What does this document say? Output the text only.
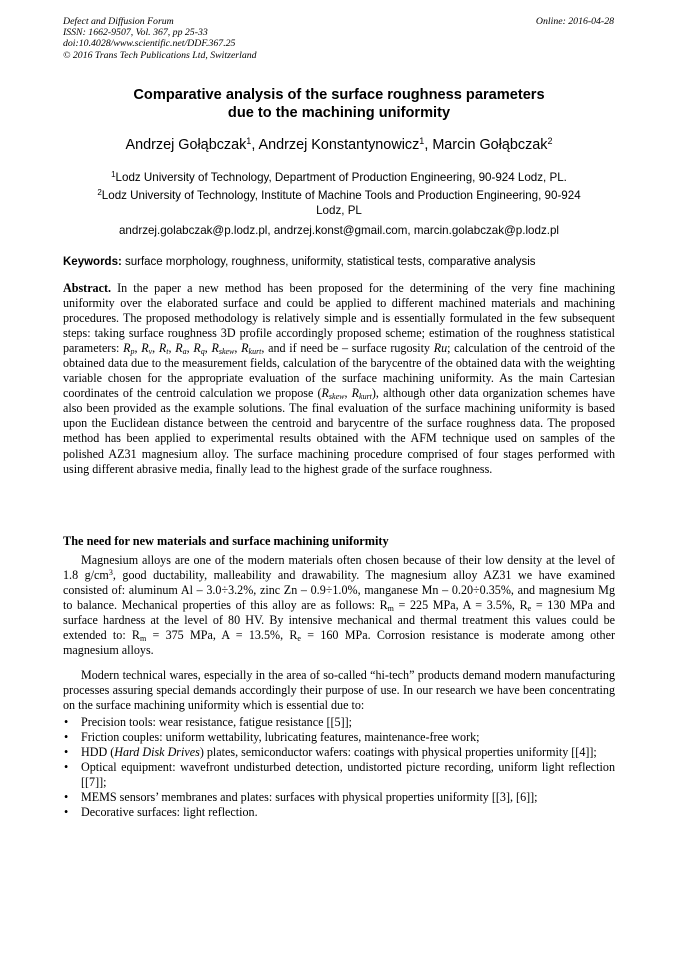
Defect and Diffusion Forum
ISSN: 1662-9507, Vol. 367, pp 25-33
doi:10.4028/www.scientific.net/DDF.367.25
© 2016 Trans Tech Publications Ltd, Switzerland
Online: 2016-04-28
Comparative analysis of the surface roughness parameters
due to the machining uniformity
Andrzej Gołąbczak$^1$, Andrzej Konstantynowicz$^1$, Marcin Gołąbczak$^2$
$^1$Lodz University of Technology, Department of Production Engineering, 90-924 Lodz, PL.
$^2$Lodz University of Technology, Institute of Machine Tools and Production Engineering, 90-924
Lodz, PL
andrzej.golabczak@p.lodz.pl, andrzej.konst@gmail.com, marcin.golabczak@p.lodz.pl
Keywords: surface morphology, roughness, uniformity, statistical tests, comparative analysis
Abstract. In the paper a new method has been proposed for the determining of the very fine machining uniformity over the elaborated surface and could be applied to different machined materials and machining procedures. The proposed methodology is relatively simple and is essentially formulated in the few subsequent steps: taking surface roughness 3D profile accordingly proposed scheme; estimation of the roughness statistical parameters: $R_p$, $R_v$, $R_t$, $R_a$, $R_q$, $R_{skew}$, $R_{kurt}$, and if need be – surface rugosity Ru; calculation of the centroid of the obtained data due to the measurement fields, calculation of the barycentre of the obtained data with the weighting variable chosen for the appropriate evaluation of the surface machining uniformity. As the main Cartesian coordinates of the centroid calculation we propose ($R_{skew}$, $R_{kurt}$), although other data organization schemes have also been provided as the example solutions. The final evaluation of the surface machining uniformity is based upon the Euclidean distance between the centroid and barycentre of the surface roughness data. The proposed method has been applied to experimental results obtained with the AFM technique used on samples of the polished AZ31 magnesium alloy. The surface machining procedure comprised of four stages performed with using different abrasive media, finally lead to the highest grade of the surface roughness.
The need for new materials and surface machining uniformity
Magnesium alloys are one of the modern materials often chosen because of their low density at the level of 1.8 $g/cm^3$, good ductability, malleability and drawability. The magnesium alloy AZ31 we have examined consisted of: aluminum Al – 3.0÷3.2%, zinc Zn – 0.9÷1.0%, manganese Mn – 0.20÷0.35%, and magnesium Mg to balance. Mechanical properties of this alloy are as follows: $R_m = 225$ MPa, A = 3.5%, $R_e = 130$ MPa and surface hardness at the level of 80 HV. By intensive mechanical and thermal treatment this values could be extended to: $R_m = 375$ MPa, A = 13.5%, $R_e = 160$ MPa. Corrosion resistance is moderate among other magnesium alloys.
Modern technical wares, especially in the area of so-called “hi-tech” products demand modern manufacturing processes assuring special demands accordingly their purpose of use. In our research we have been concentrating on the surface machining uniformity which is essential due to:
• Precision tools: wear resistance, fatigue resistance [[5]];
• Friction couples: uniform wettability, lubricating features, maintenance-free work;
• HDD (Hard Disk Drives) plates, semiconductor wafers: coatings with physical properties uniformity [[4]];
• Optical equipment: wavefront undisturbed detection, undistorted picture recording, uniform light reflection [[7]];
• MEMS sensors’ membranes and plates: surfaces with physical properties uniformity [[3], [6]];
• Decorative surfaces: light reflection.
